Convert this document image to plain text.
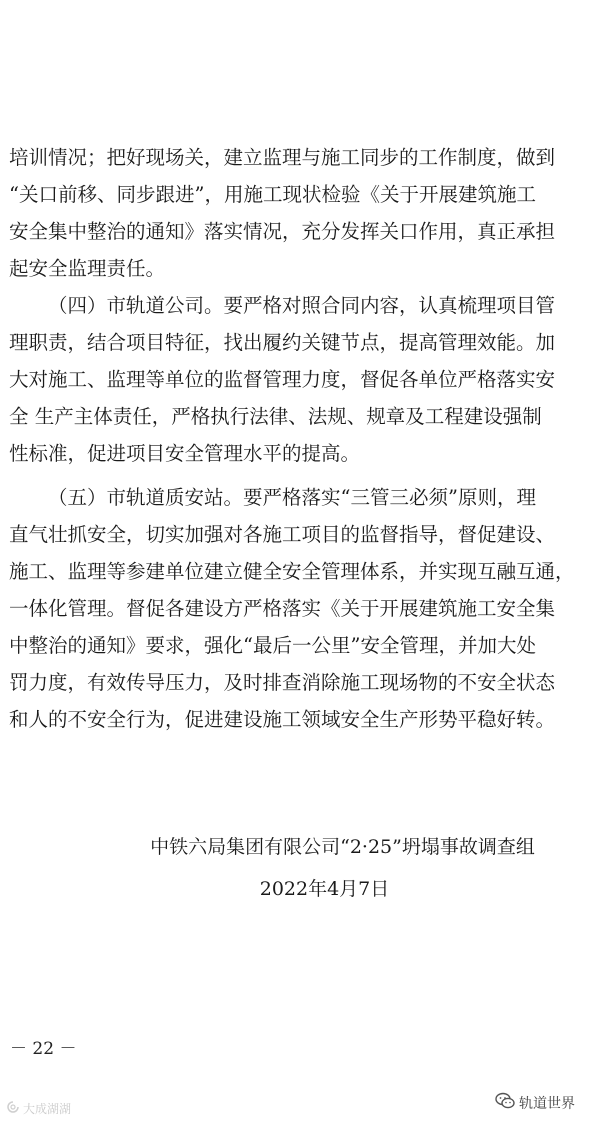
培训情况；把好现场关，建立监理与施工同步的工作制度，做到
“关口前移、同步跟进”，用施工现状检验《关于开展建筑施工
安全集中整治的通知》落实情况，充分发挥关口作用，真正承担
起安全监理责任。
（四）市轨道公司。要严格对照合同内容，认真梳理项目管
理职责，结合项目特征，找出履约关键节点，提高管理效能。加
大对施工、监理等单位的监督管理力度，督促各单位严格落实安
全 生产主体责任，严格执行法律、法规、规章及工程建设强制
性标准，促进项目安全管理水平的提高。
（五）市轨道质安站。要严格落实“三管三必须”原则，理
直气壮抓安全，切实加强对各施工项目的监督指导，督促建设、
施工、监理等参建单位建立健全安全管理体系，并实现互融互通，
一体化管理。督促各建设方严格落实《关于开展建筑施工安全集
中整治的通知》要求，强化“最后一公里”安全管理，并加大处
罚力度，有效传导压力，及时排查消除施工现场物的不安全状态
和人的不安全行为，促进建设施工领域安全生产形势平稳好转。
中铁六局集团有限公司“2·25”坍塌事故调查组
2022年4月7日
－ 22 －
大成湖湖	轨道世界
